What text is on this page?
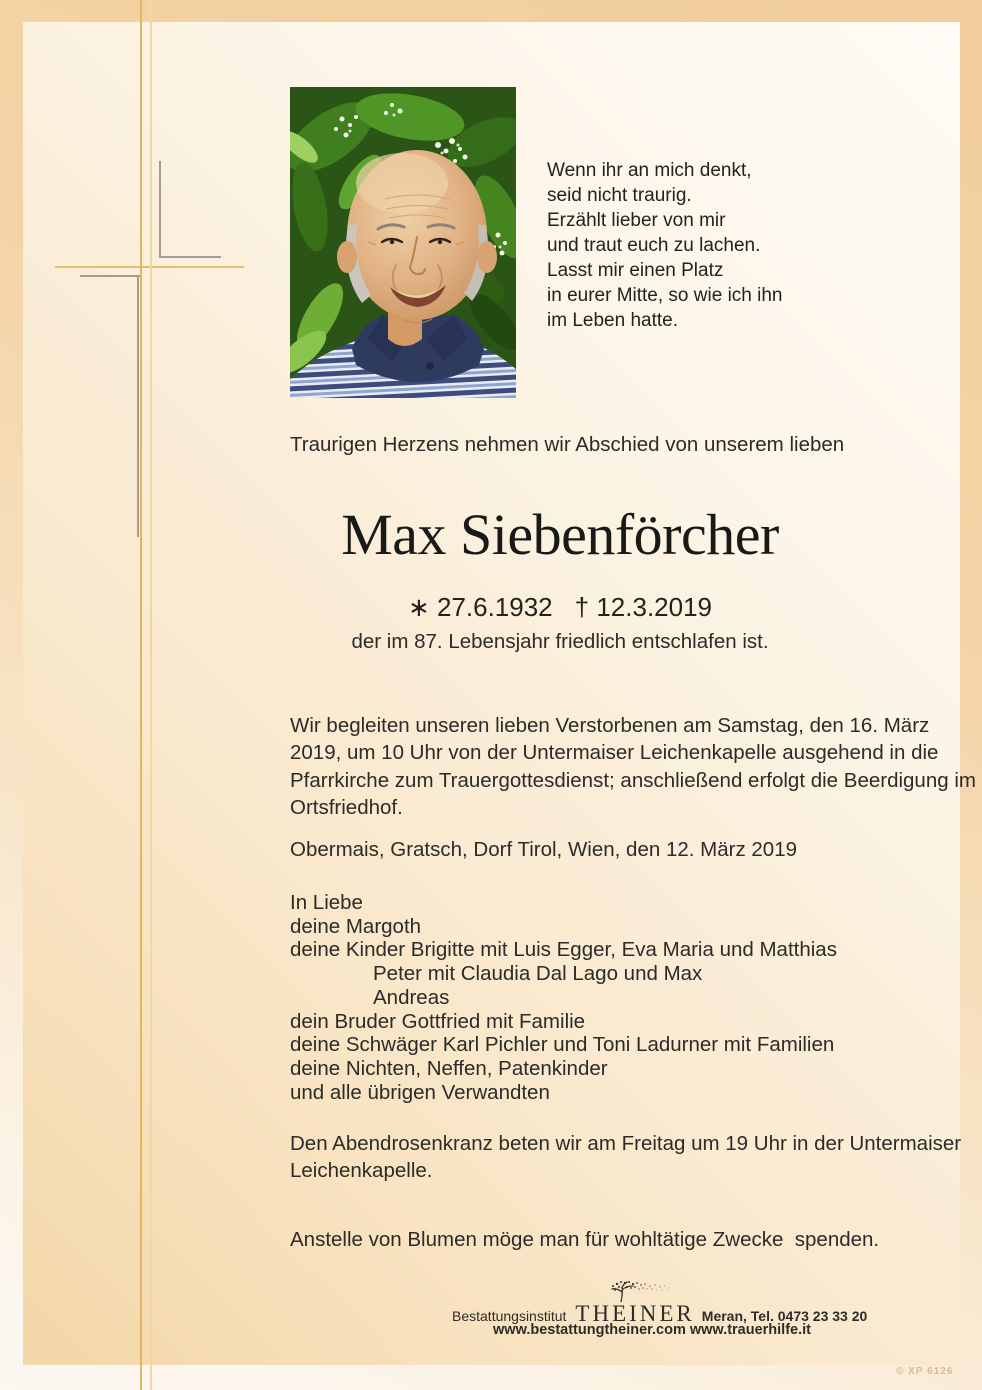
Wenn ihr an mich denkt,
seid nicht traurig.
Erzählt lieber von mir
und traut euch zu lachen.
Lasst mir einen Platz
in eurer Mitte, so wie ich ihn
im Leben hatte.
Traurigen Herzens nehmen wir Abschied von unserem lieben
Max Siebenförcher
∗ 27.6.1932 † 12.3.2019
der im 87. Lebensjahr friedlich entschlafen ist.
Wir begleiten unseren lieben Verstorbenen am Samstag, den 16. März
2019, um 10 Uhr von der Untermaiser Leichenkapelle ausgehend in die
Pfarrkirche zum Trauergottesdienst; anschließend erfolgt die Beerdigung im
Ortsfriedhof.
Obermais, Gratsch, Dorf Tirol, Wien, den 12. März 2019
In Liebe
deine Margoth
deine Kinder Brigitte mit Luis Egger, Eva Maria und Matthias
Peter mit Claudia Dal Lago und Max
Andreas
dein Bruder Gottfried mit Familie
deine Schwäger Karl Pichler und Toni Ladurner mit Familien
deine Nichten, Neffen, Patenkinder
und alle übrigen Verwandten
Den Abendrosenkranz beten wir am Freitag um 19 Uhr in der Untermaiser
Leichenkapelle.
Anstelle von Blumen möge man für wohltätige Zwecke  spenden.
Bestattungsinstitut THEINER Meran, Tel. 0473 23 33 20
www.bestattungtheiner.com www.trauerhilfe.it
© XP 6126
